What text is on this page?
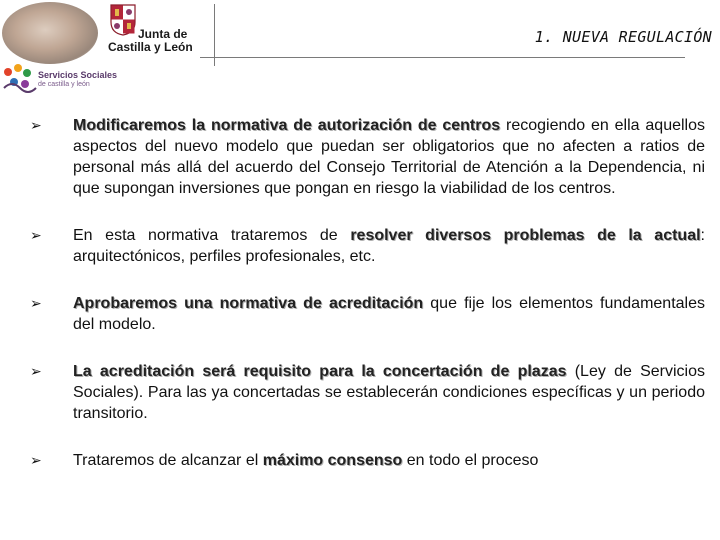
Junta de
Castilla y León
Servicios Sociales
de castilla y león
1. NUEVA REGULACIÓN
➢ Modificaremos la normativa de autorización de centros recogiendo en ella aquellos aspectos del nuevo modelo que puedan ser obligatorios que no afecten a ratios de personal más allá del acuerdo del Consejo Territorial de Atención a la Dependencia, ni que supongan inversiones que pongan en riesgo la viabilidad de los centros.
➢ En esta normativa trataremos de resolver diversos problemas de la actual: arquitectónicos, perfiles profesionales, etc.
➢ Aprobaremos una normativa de acreditación que fije los elementos fundamentales del modelo.
➢ La acreditación será requisito para la concertación de plazas (Ley de Servicios Sociales). Para las ya concertadas se establecerán condiciones específicas y un periodo transitorio.
➢ Trataremos de alcanzar el máximo consenso en todo el proceso
